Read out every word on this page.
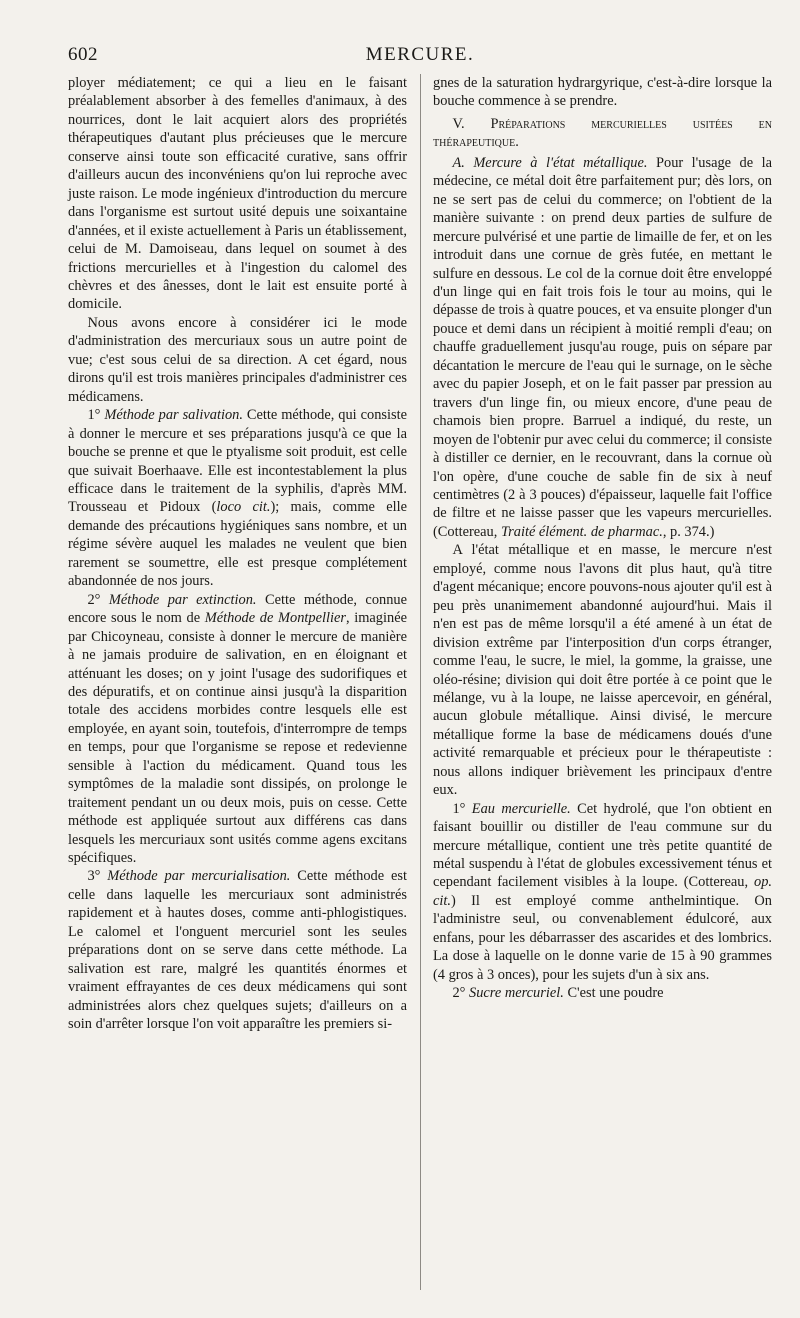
602	MERCURE.

ployer médiatement; ce qui a lieu en le faisant préalablement absorber à des femelles d'animaux, à des nourrices, dont le lait acquiert alors des propriétés thérapeutiques d'autant plus précieuses que le mercure conserve ainsi toute son efficacité curative, sans offrir d'ailleurs aucun des inconvéniens qu'on lui reproche avec juste raison. Le mode ingénieux d'introduction du mercure dans l'organisme est surtout usité depuis une soixantaine d'années, et il existe actuellement à Paris un établissement, celui de M. Damoiseau, dans lequel on soumet à des frictions mercurielles et à l'ingestion du calomel des chèvres et des ânesses, dont le lait est ensuite porté à domicile.

Nous avons encore à considérer ici le mode d'administration des mercuriaux sous un autre point de vue; c'est sous celui de sa direction. A cet égard, nous dirons qu'il est trois manières principales d'administrer ces médicamens.

1° Méthode par salivation. Cette méthode, qui consiste à donner le mercure et ses préparations jusqu'à ce que la bouche se prenne et que le ptyalisme soit produit, est celle que suivait Boerhaave. Elle est incontestablement la plus efficace dans le traitement de la syphilis, d'après MM. Trousseau et Pidoux (loco cit.); mais, comme elle demande des précautions hygiéniques sans nombre, et un régime sévère auquel les malades ne veulent que bien rarement se soumettre, elle est presque complétement abandonnée de nos jours.

2° Méthode par extinction. Cette méthode, connue encore sous le nom de Méthode de Montpellier, imaginée par Chicoyneau, consiste à donner le mercure de manière à ne jamais produire de salivation, en en éloignant et atténuant les doses; on y joint l'usage des sudorifiques et des dépuratifs, et on continue ainsi jusqu'à la disparition totale des accidens morbides contre lesquels elle est employée, en ayant soin, toutefois, d'interrompre de temps en temps, pour que l'organisme se repose et redevienne sensible à l'action du médicament. Quand tous les symptômes de la maladie sont dissipés, on prolonge le traitement pendant un ou deux mois, puis on cesse. Cette méthode est appliquée surtout aux différens cas dans lesquels les mercuriaux sont usités comme agens excitans spécifiques.

3° Méthode par mercurialisation. Cette méthode est celle dans laquelle les mercuriaux sont administrés rapidement et à hautes doses, comme anti-phlogistiques. Le calomel et l'onguent mercuriel sont les seules préparations dont on se serve dans cette méthode. La salivation est rare, malgré les quantités énormes et vraiment effrayantes de ces deux médicamens qui sont administrées alors chez quelques sujets; d'ailleurs on a soin d'arrêter lorsque l'on voit apparaître les premiers si-

gnes de la saturation hydrargyrique, c'est-à-dire lorsque la bouche commence à se prendre.

V. Préparations mercurielles usitées en thérapeutique.

A. Mercure à l'état métallique. Pour l'usage de la médecine, ce métal doit être parfaitement pur; dès lors, on ne se sert pas de celui du commerce; on l'obtient de la manière suivante : on prend deux parties de sulfure de mercure pulvérisé et une partie de limaille de fer, et on les introduit dans une cornue de grès futée, en mettant le sulfure en dessous. Le col de la cornue doit être enveloppé d'un linge qui en fait trois fois le tour au moins, qui le dépasse de trois à quatre pouces, et va ensuite plonger d'un pouce et demi dans un récipient à moitié rempli d'eau; on chauffe graduellement jusqu'au rouge, puis on sépare par décantation le mercure de l'eau qui le surnage, on le sèche avec du papier Joseph, et on le fait passer par pression au travers d'un linge fin, ou mieux encore, d'une peau de chamois bien propre. Barruel a indiqué, du reste, un moyen de l'obtenir pur avec celui du commerce; il consiste à distiller ce dernier, en le recouvrant, dans la cornue où l'on opère, d'une couche de sable fin de six à neuf centimètres (2 à 3 pouces) d'épaisseur, laquelle fait l'office de filtre et ne laisse passer que les vapeurs mercurielles. (Cottereau, Traité élément. de pharmac., p. 374.)

A l'état métallique et en masse, le mercure n'est employé, comme nous l'avons dit plus haut, qu'à titre d'agent mécanique; encore pouvons-nous ajouter qu'il est à peu près unanimement abandonné aujourd'hui. Mais il n'en est pas de même lorsqu'il a été amené à un état de division extrême par l'interposition d'un corps étranger, comme l'eau, le sucre, le miel, la gomme, la graisse, une oléo-résine; division qui doit être portée à ce point que le mélange, vu à la loupe, ne laisse apercevoir, en général, aucun globule métallique. Ainsi divisé, le mercure métallique forme la base de médicamens doués d'une activité remarquable et précieux pour le thérapeutiste : nous allons indiquer brièvement les principaux d'entre eux.

1° Eau mercurielle. Cet hydrolé, que l'on obtient en faisant bouillir ou distiller de l'eau commune sur du mercure métallique, contient une très petite quantité de métal suspendu à l'état de globules excessivement ténus et cependant facilement visibles à la loupe. (Cottereau, op. cit.) Il est employé comme anthelmintique. On l'administre seul, ou convenablement édulcoré, aux enfans, pour les débarrasser des ascarides et des lombrics. La dose à laquelle on le donne varie de 15 à 90 grammes (4 gros à 3 onces), pour les sujets d'un à six ans.

2° Sucre mercuriel. C'est une poudre
